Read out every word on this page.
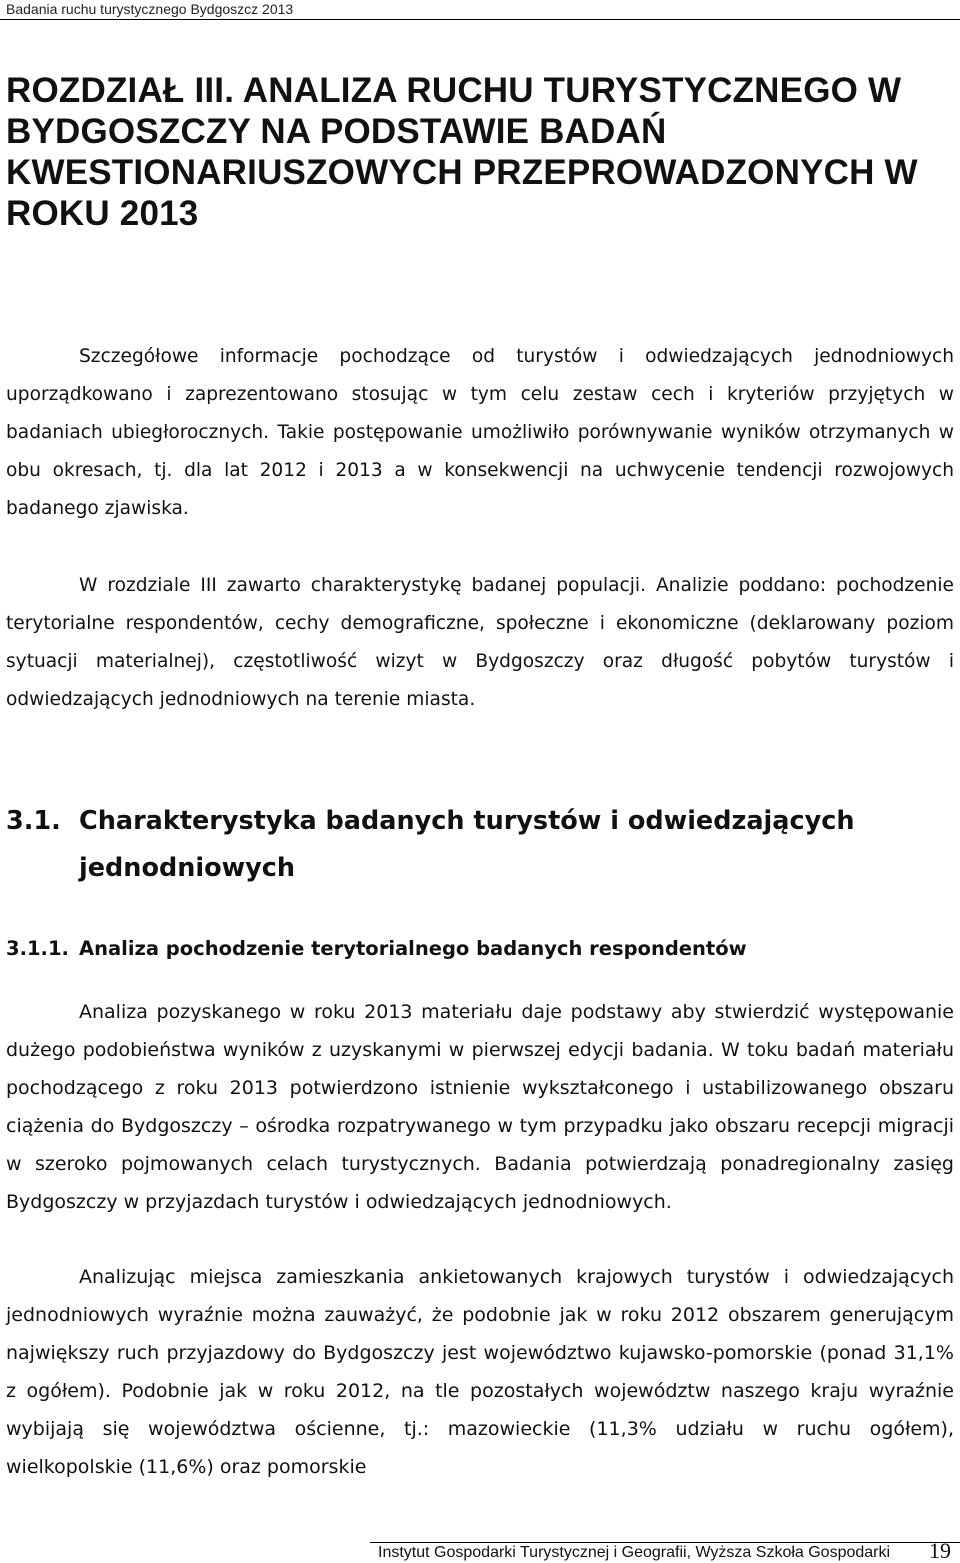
Badania ruchu turystycznego Bydgoszcz 2013
ROZDZIAŁ III. ANALIZA RUCHU TURYSTYCZNEGO W BYDGOSZCZY NA PODSTAWIE BADAŃ KWESTIONARIUSZOWYCH PRZEPROWADZONYCH W ROKU 2013

Szczegółowe informacje pochodzące od turystów i odwiedzających jednodniowych uporządkowano i zaprezentowano stosując w tym celu zestaw cech i kryteriów przyjętych w badaniach ubiegłorocznych. Takie postępowanie umożliwiło porównywanie wyników otrzymanych w obu okresach, tj. dla lat 2012 i 2013 a w konsekwencji na uchwycenie tendencji rozwojowych badanego zjawiska.

W rozdziale III zawarto charakterystykę badanej populacji. Analizie poddano: pochodzenie terytorialne respondentów, cechy demograficzne, społeczne i ekonomiczne (deklarowany poziom sytuacji materialnej), częstotliwość wizyt w Bydgoszczy oraz długość pobytów turystów i odwiedzających jednodniowych na terenie miasta.

3.1. Charakterystyka badanych turystów i odwiedzających jednodniowych
3.1.1. Analiza pochodzenie terytorialnego badanych respondentów

Analiza pozyskanego w roku 2013 materiału daje podstawy aby stwierdzić występowanie dużego podobieństwa wyników z uzyskanymi w pierwszej edycji badania. W toku badań materiału pochodzącego z roku 2013 potwierdzono istnienie wykształconego i ustabilizowanego obszaru ciążenia do Bydgoszczy – ośrodka rozpatrywanego w tym przypadku jako obszaru recepcji migracji w szeroko pojmowanych celach turystycznych. Badania potwierdzają ponadregionalny zasięg Bydgoszczy w przyjazdach turystów i odwiedzających jednodniowych.

Analizując miejsca zamieszkania ankietowanych krajowych turystów i odwiedzających jednodniowych wyraźnie można zauważyć, że podobnie jak w roku 2012 obszarem generującym największy ruch przyjazdowy do Bydgoszczy jest województwo kujawsko-pomorskie (ponad 31,1% z ogółem). Podobnie jak w roku 2012, na tle pozostałych województw naszego kraju wyraźnie wybijają się województwa ościenne, tj.: mazowieckie (11,3% udziału w ruchu ogółem), wielkopolskie (11,6%) oraz pomorskie

Instytut Gospodarki Turystycznej i Geografii, Wyższa Szkoła Gospodarki 19
